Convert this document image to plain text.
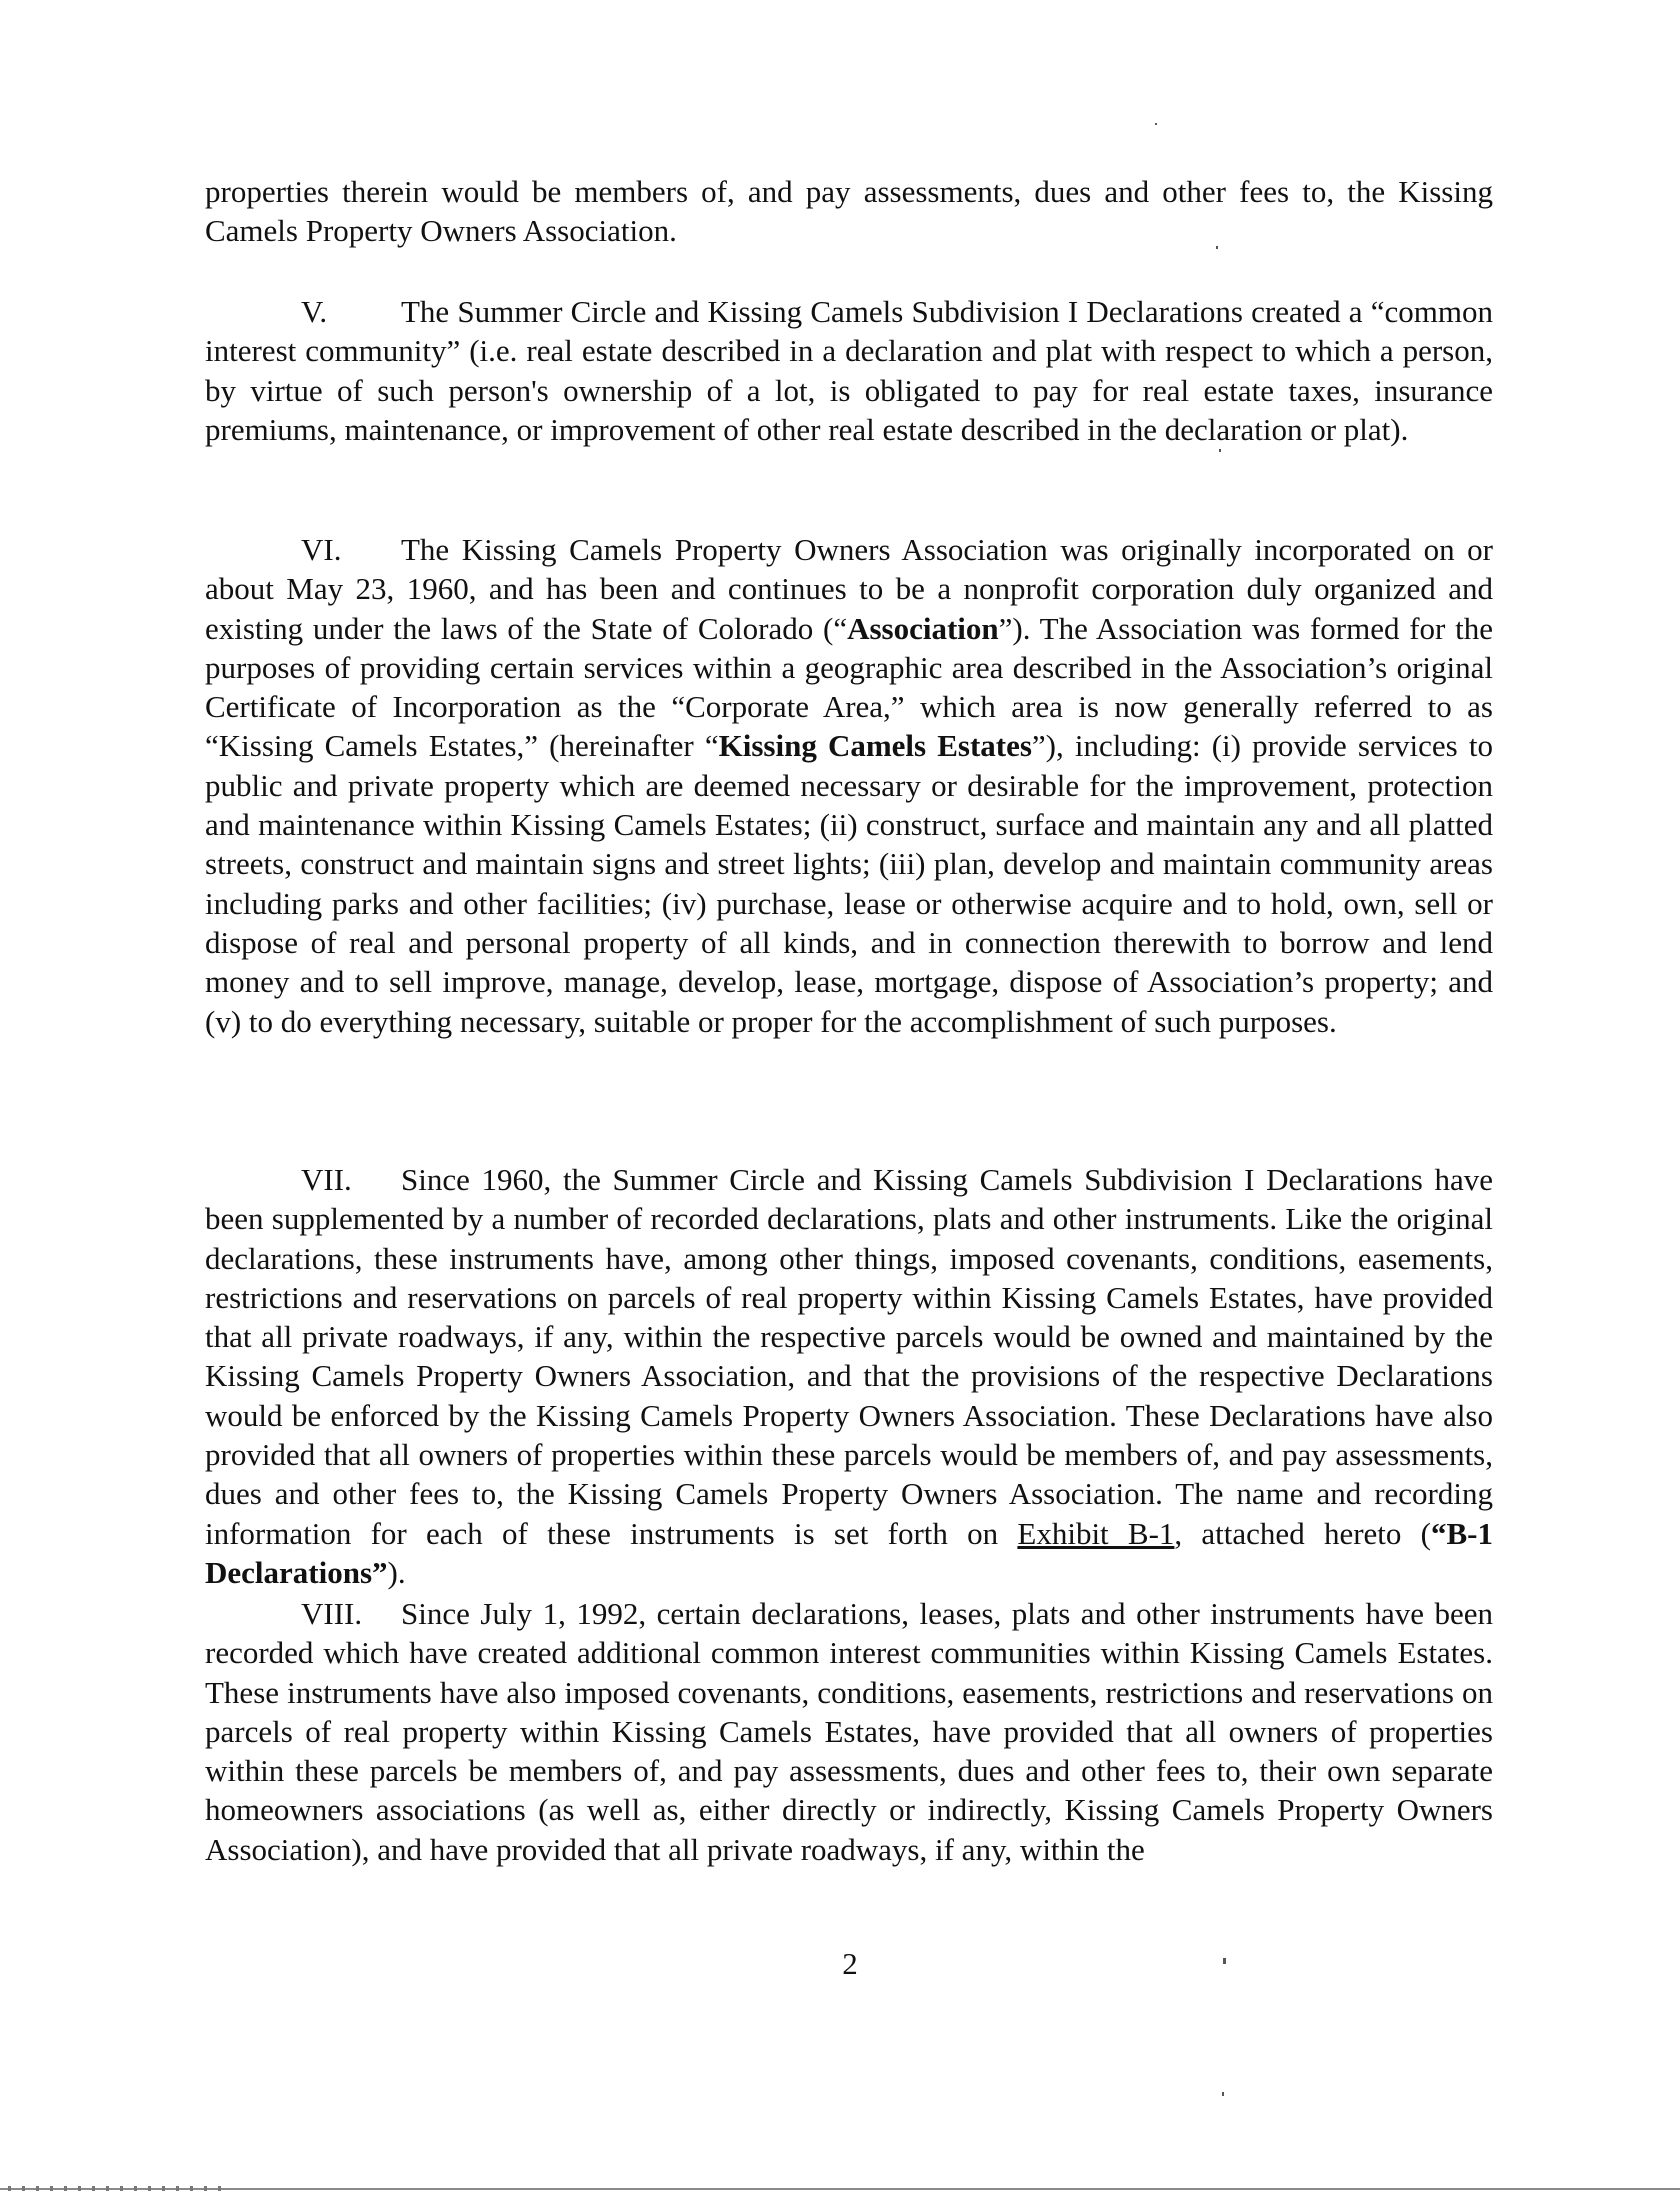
properties therein would be members of, and pay assessments, dues and other fees to, the Kissing Camels Property Owners Association.

V. The Summer Circle and Kissing Camels Subdivision I Declarations created a “common interest community” (i.e. real estate described in a declaration and plat with respect to which a person, by virtue of such person's ownership of a lot, is obligated to pay for real estate taxes, insurance premiums, maintenance, or improvement of other real estate described in the declaration or plat).

VI. The Kissing Camels Property Owners Association was originally incorporated on or about May 23, 1960, and has been and continues to be a nonprofit corporation duly organized and existing under the laws of the State of Colorado (“Association”). The Association was formed for the purposes of providing certain services within a geographic area described in the Association’s original Certificate of Incorporation as the “Corporate Area,” which area is now generally referred to as “Kissing Camels Estates,” (hereinafter “Kissing Camels Estates”), including: (i) provide services to public and private property which are deemed necessary or desirable for the improvement, protection and maintenance within Kissing Camels Estates; (ii) construct, surface and maintain any and all platted streets, construct and maintain signs and street lights; (iii) plan, develop and maintain community areas including parks and other facilities; (iv) purchase, lease or otherwise acquire and to hold, own, sell or dispose of real and personal property of all kinds, and in connection therewith to borrow and lend money and to sell improve, manage, develop, lease, mortgage, dispose of Association’s property; and (v) to do everything necessary, suitable or proper for the accomplishment of such purposes.

VII. Since 1960, the Summer Circle and Kissing Camels Subdivision I Declarations have been supplemented by a number of recorded declarations, plats and other instruments. Like the original declarations, these instruments have, among other things, imposed covenants, conditions, easements, restrictions and reservations on parcels of real property within Kissing Camels Estates, have provided that all private roadways, if any, within the respective parcels would be owned and maintained by the Kissing Camels Property Owners Association, and that the provisions of the respective Declarations would be enforced by the Kissing Camels Property Owners Association. These Declarations have also provided that all owners of properties within these parcels would be members of, and pay assessments, dues and other fees to, the Kissing Camels Property Owners Association. The name and recording information for each of these instruments is set forth on Exhibit B-1, attached hereto (“B-1 Declarations”).

VIII. Since July 1, 1992, certain declarations, leases, plats and other instruments have been recorded which have created additional common interest communities within Kissing Camels Estates. These instruments have also imposed covenants, conditions, easements, restrictions and reservations on parcels of real property within Kissing Camels Estates, have provided that all owners of properties within these parcels be members of, and pay assessments, dues and other fees to, their own separate homeowners associations (as well as, either directly or indirectly, Kissing Camels Property Owners Association), and have provided that all private roadways, if any, within the

2
